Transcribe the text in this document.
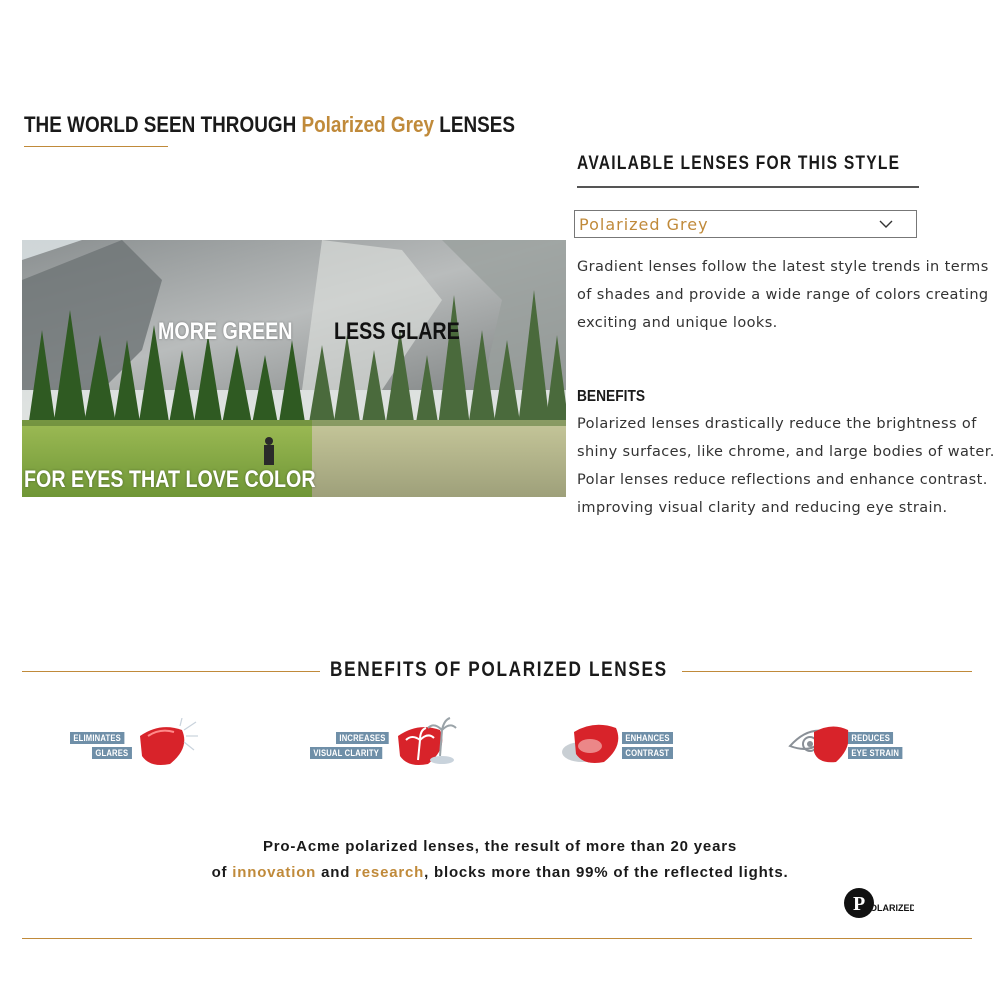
THE WORLD SEEN THROUGH Polarized Grey LENSES
MORE GREEN LESS GLARE
FOR EYES THAT LOVE COLOR
AVAILABLE LENSES FOR THIS STYLE
Polarized Grey
Gradient lenses follow the latest style trends in terms of shades and provide a wide range of colors creating exciting and unique looks.
BENEFITS
Polarized lenses drastically reduce the brightness of shiny surfaces, like chrome, and large bodies of water. Polar lenses reduce reflections and enhance contrast. improving visual clarity and reducing eye strain.
BENEFITS OF POLARIZED LENSES
ELIMINATES
GLARES
INCREASES
VISUAL CLARITY
ENHANCES
CONTRAST
REDUCES
EYE STRAIN
Pro-Acme polarized lenses, the result of more than 20 years
of innovation and research, blocks more than 99% of the reflected lights.
P
POLARIZED
